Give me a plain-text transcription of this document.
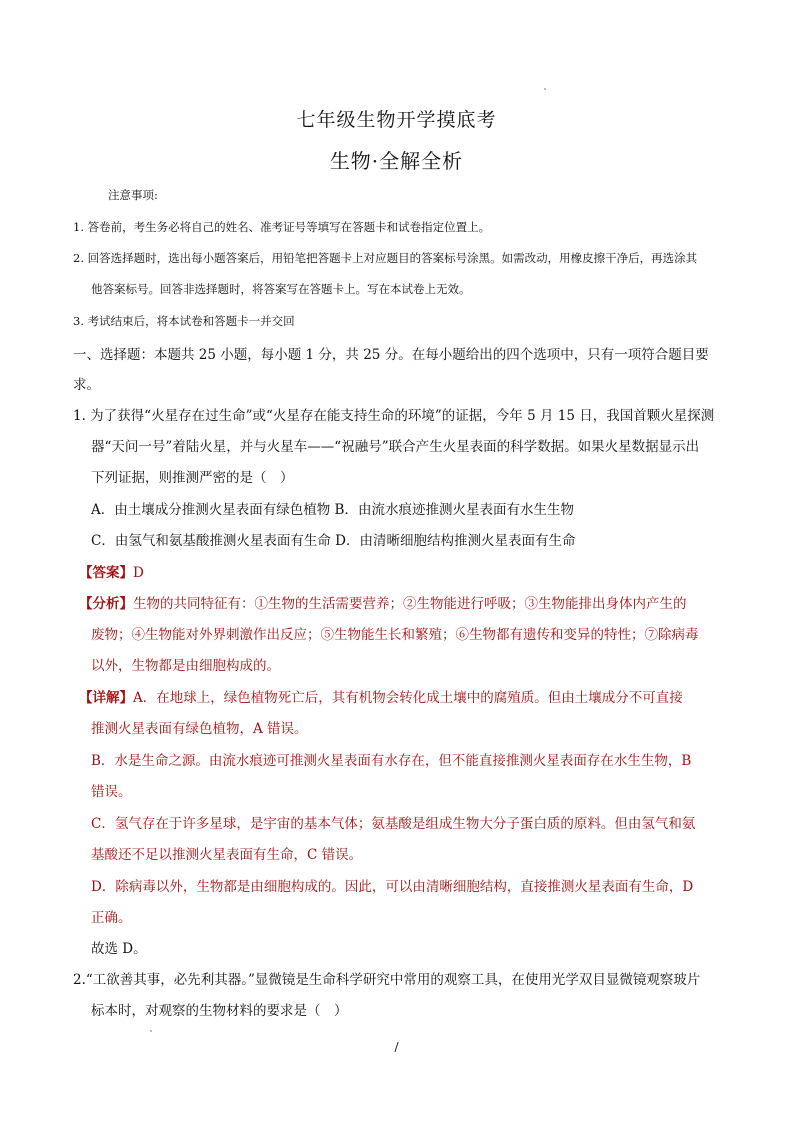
七年级生物开学摸底考
生物·全解全析
注意事项:
1. 答卷前，考生务必将自己的姓名、准考证号等填写在答题卡和试卷指定位置上。
2. 回答选择题时，选出每小题答案后，用铅笔把答题卡上对应题目的答案标号涂黑。如需改动，用橡皮擦干净后，再选涂其
他答案标号。回答非选择题时，将答案写在答题卡上。写在本试卷上无效。
3. 考试结束后，将本试卷和答题卡一并交回
一、选择题：本题共 25 小题，每小题 1 分，共 25 分。在每小题给出的四个选项中，只有一项符合题目要
求。
1. 为了获得“火星存在过生命”或“火星存在能支持生命的环境”的证据，今年 5 月 15 日，我国首颗火星探测
器“天问一号”着陆火星，并与火星车——“祝融号”联合产生火星表面的科学数据。如果火星数据显示出
下列证据，则推测严密的是（　）
A．由土壤成分推测火星表面有绿色植物 B．由流水痕迹推测火星表面有水生生物
C．由氢气和氨基酸推测火星表面有生命 D．由清晰细胞结构推测火星表面有生命
【答案】D
【分析】生物的共同特征有：①生物的生活需要营养；②生物能进行呼吸；③生物能排出身体内产生的
废物；④生物能对外界刺激作出反应；⑤生物能生长和繁殖；⑥生物都有遗传和变异的特性；⑦除病毒
以外，生物都是由细胞构成的。
【详解】A．在地球上，绿色植物死亡后，其有机物会转化成土壤中的腐殖质。但由土壤成分不可直接
推测火星表面有绿色植物，A 错误。
B．水是生命之源。由流水痕迹可推测火星表面有水存在，但不能直接推测火星表面存在水生生物，B
错误。
C．氢气存在于许多星球，是宇宙的基本气体；氨基酸是组成生物大分子蛋白质的原料。但由氢气和氨
基酸还不足以推测火星表面有生命，C 错误。
D．除病毒以外，生物都是由细胞构成的。因此，可以由清晰细胞结构，直接推测火星表面有生命，D
正确。
故选 D。
2.“工欲善其事，必先利其器。”显微镜是生命科学研究中常用的观察工具，在使用光学双目显微镜观察玻片
标本时，对观察的生物材料的要求是（　）
/
